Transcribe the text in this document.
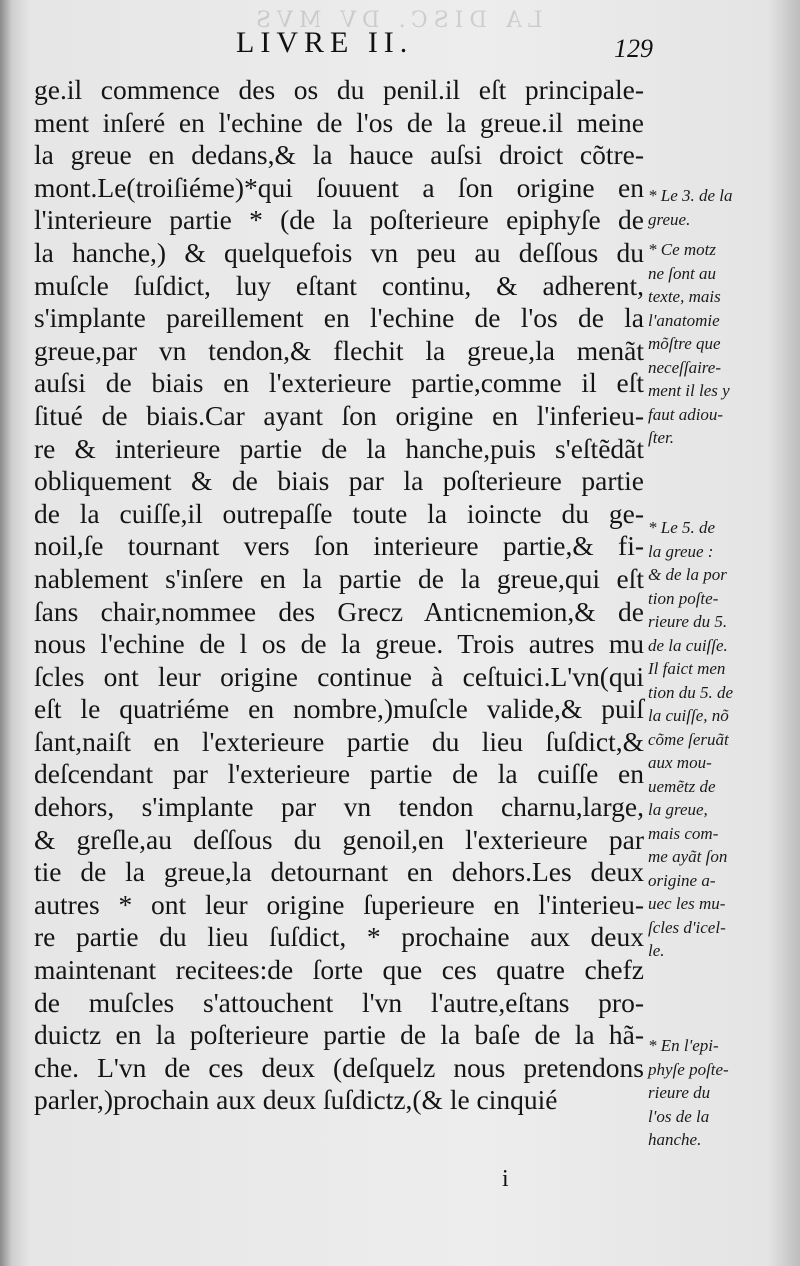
LA DISC. DV MVS
LIVRE II.	129
ge.il commence des os du penil.il eſt principale-
ment inſeré en l'echine de l'os de la greue.il meine
la greue en dedans,& la hauce auſsi droict cõtre-
mont.Le(troiſiéme)*qui ſouuent a ſon origine en
l'interieure partie * (de la poſterieure epiphyſe de
la hanche,) & quelquefois vn peu au deſſous du
muſcle ſuſdict, luy eſtant continu, & adherent,
s'implante pareillement en l'echine de l'os de la
greue,par vn tendon,& flechit la greue,la menãt
auſsi de biais en l'exterieure partie,comme il eſt
ſitué de biais.Car ayant ſon origine en l'inferieu-
re & interieure partie de la hanche,puis s'eſtẽdãt
obliquement & de biais par la poſterieure partie
de la cuiſſe,il outrepaſſe toute la ioincte du ge-
noil,ſe tournant vers ſon interieure partie,& fi-
nablement s'inſere en la partie de la greue,qui eſt
ſans chair,nommee des Grecz Anticnemion,& de
nous l'echine de l os de la greue. Trois autres mu
ſcles ont leur origine continue à ceſtuici.L'vn(qui
eſt le quatriéme en nombre,)muſcle valide,& puiſ
ſant,naiſt en l'exterieure partie du lieu ſuſdict,&
deſcendant par l'exterieure partie de la cuiſſe en
dehors, s'implante par vn tendon charnu,large,
& greſle,au deſſous du genoil,en l'exterieure par
tie de la greue,la detournant en dehors.Les deux
autres * ont leur origine ſuperieure en l'interieu-
re partie du lieu ſuſdict, * prochaine aux deux
maintenant recitees:de ſorte que ces quatre chefz
de muſcles s'attouchent l'vn l'autre,eſtans pro-
duictz en la poſterieure partie de la baſe de la hã-
che. L'vn de ces deux (deſquelz nous pretendons
parler,)prochain aux deux ſuſdictz,(& le cinquié
* Le 3. de la
greue.
* Ce motz
ne ſont au
texte, mais
l'anatomie
mõſtre que
neceſſaire-
ment il les y
faut adiou-
ſter.
* Le 5. de
la greue :
& de la por
tion poſte-
rieure du 5.
de la cuiſſe.
Il faict men
tion du 5. de
la cuiſſe, nõ
cõme ſeruãt
aux mou-
uemẽtz de
la greue,
mais com-
me ayãt ſon
origine a-
uec les mu-
ſcles d'icel-
le.
* En l'epi-
phyſe poſte-
rieure du
l'os de la
hanche.
i
